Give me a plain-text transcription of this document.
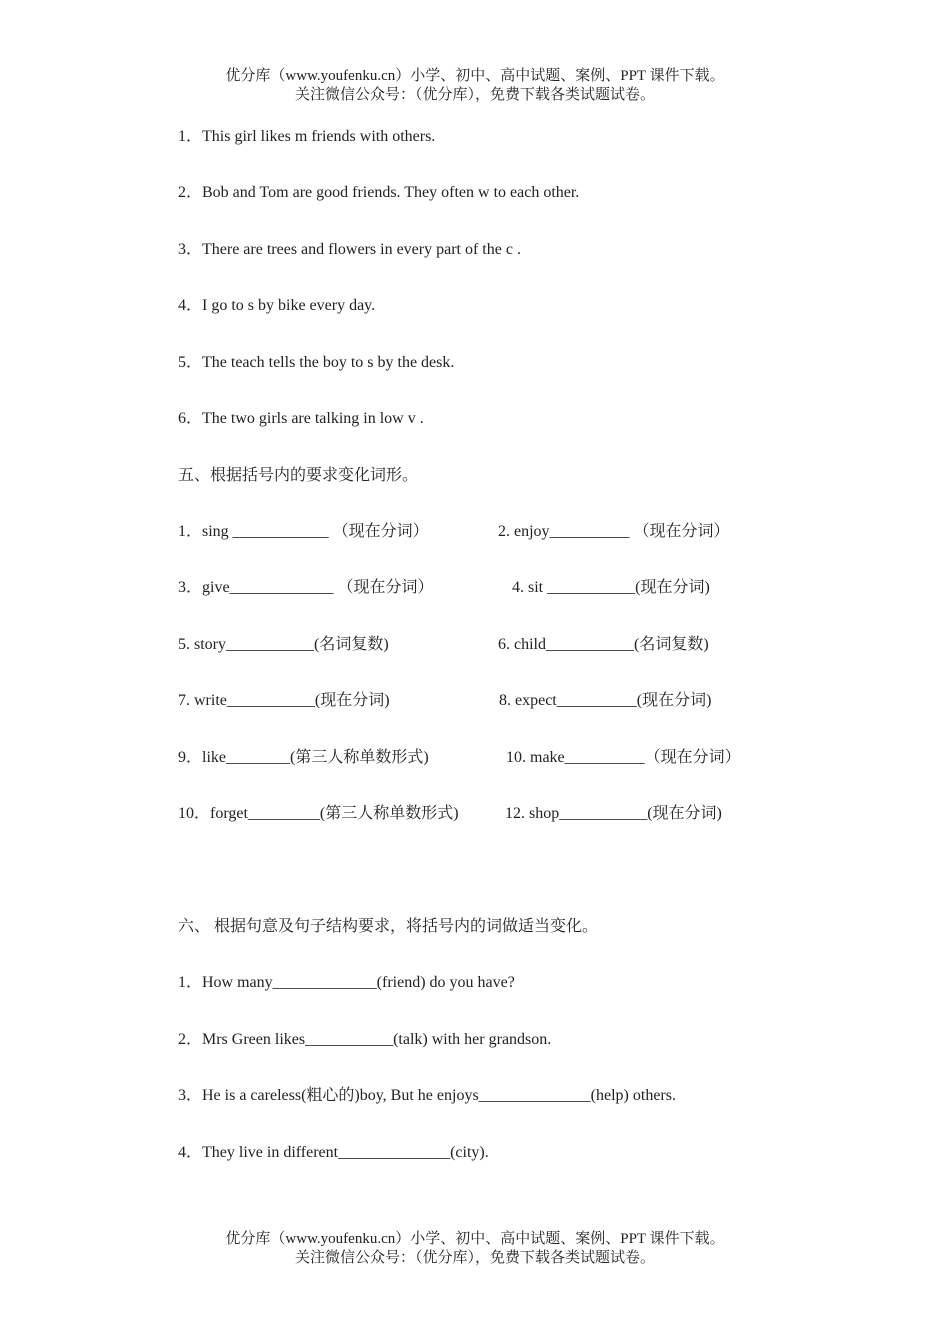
优分库（www.youfenku.cn）小学、初中、高中试题、案例、PPT 课件下载。
关注微信公众号：（优分库），免费下载各类试题试卷。
1．This girl likes m friends with others.
2．Bob and Tom are good friends. They often w to each other.
3．There are trees and flowers in every part of the c .
4．I go to s by bike every day.
5．The teach tells the boy to s by the desk.
6．The two girls are talking in low v .
五、根据括号内的要求变化词形。
1．sing ____________ （现在分词）	2. enjoy__________ （现在分词）
3．give_____________ （现在分词）	4. sit ___________(现在分词)
5. story___________(名词复数)	6. child___________(名词复数)
7. write___________(现在分词)	8. expect__________(现在分词)
9．like________(第三人称单数形式)	10. make__________（现在分词）
10．forget_________(第三人称单数形式)	12. shop___________(现在分词)
六、 根据句意及句子结构要求，将括号内的词做适当变化。
1．How many_____________(friend) do you have?
2．Mrs Green likes___________(talk) with her grandson.
3．He is a careless(粗心的)boy, But he enjoys______________(help) others.
4．They live in different______________(city).
优分库（www.youfenku.cn）小学、初中、高中试题、案例、PPT 课件下载。
关注微信公众号：（优分库），免费下载各类试题试卷。
